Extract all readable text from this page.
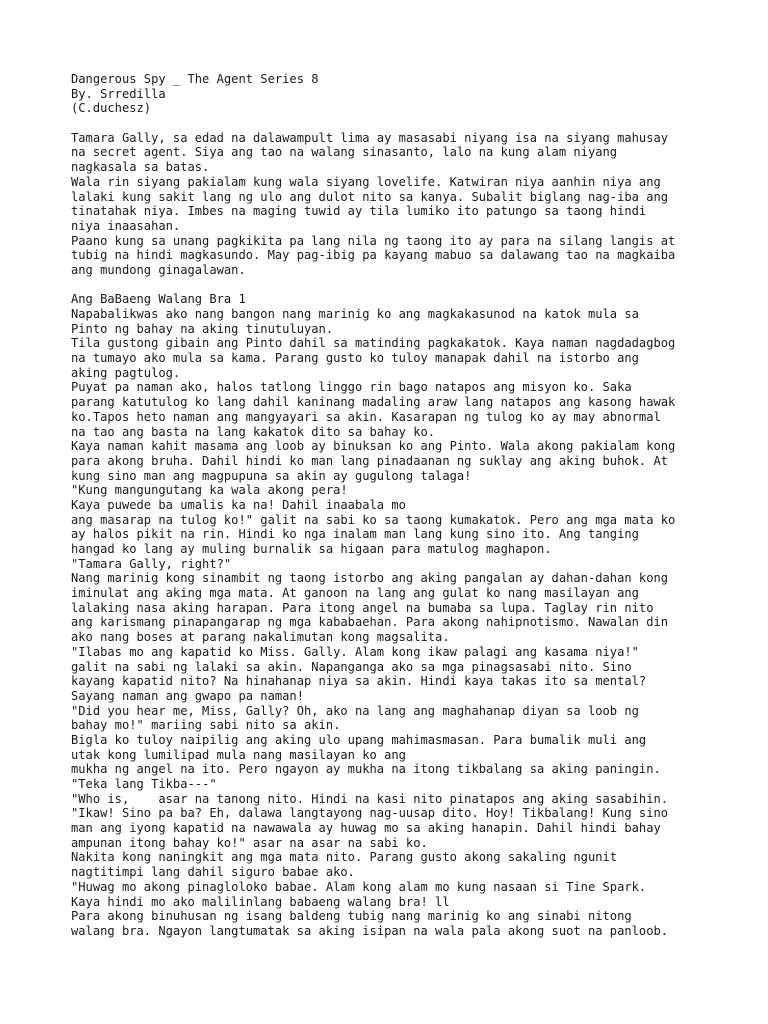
Dangerous Spy _ The Agent Series 8
By. Srredilla
(C.duchesz)
Tamara Gally, sa edad na dalawampult lima ay masasabi niyang isa na siyang mahusay
na secret agent. Siya ang tao na walang sinasanto, lalo na kung alam niyang
nagkasala sa batas.
Wala rin siyang pakialam kung wala siyang lovelife. Katwiran niya aanhin niya ang
lalaki kung sakit lang ng ulo ang dulot nito sa kanya. Subalit biglang nag-iba ang
tinatahak niya. Imbes na maging tuwid ay tila lumiko ito patungo sa taong hindi
niya inaasahan.
Paano kung sa unang pagkikita pa lang nila ng taong ito ay para na silang langis at
tubig na hindi magkasundo. May pag-ibig pa kayang mabuo sa dalawang tao na magkaiba
ang mundong ginagalawan.
Ang BaBaeng Walang Bra 1
Napabalikwas ako nang bangon nang marinig ko ang magkakasunod na katok mula sa
Pinto ng bahay na aking tinutuluyan.
Tila gustong gibain ang Pinto dahil sa matinding pagkakatok. Kaya naman nagdadagbog
na tumayo ako mula sa kama. Parang gusto ko tuloy manapak dahil na istorbo ang
aking pagtulog.
Puyat pa naman ako, halos tatlong linggo rin bago natapos ang misyon ko. Saka
parang katutulog ko lang dahil kaninang madaling araw lang natapos ang kasong hawak
ko.Tapos heto naman ang mangyayari sa akin. Kasarapan ng tulog ko ay may abnormal
na tao ang basta na lang kakatok dito sa bahay ko.
Kaya naman kahit masama ang loob ay binuksan ko ang Pinto. Wala akong pakialam kong
para akong bruha. Dahil hindi ko man lang pinadaanan ng suklay ang aking buhok. At
kung sino man ang magpupuna sa akin ay gugulong talaga!
"Kung mangungutang ka wala akong pera!
Kaya puwede ba umalis ka na! Dahil inaabala mo
ang masarap na tulog ko!" galit na sabi ko sa taong kumakatok. Pero ang mga mata ko
ay halos pikit na rin. Hindi ko nga inalam man lang kung sino ito. Ang tanging
hangad ko lang ay muling burnalik sa higaan para matulog maghapon.
"Tamara Gally, right?"
Nang marinig kong sinambit ng taong istorbo ang aking pangalan ay dahan-dahan kong
iminulat ang aking mga mata. At ganoon na lang ang gulat ko nang masilayan ang
lalaking nasa aking harapan. Para itong angel na bumaba sa lupa. Taglay rin nito
ang karismang pinapangarap ng mga kababaehan. Para akong nahipnotismo. Nawalan din
ako nang boses at parang nakalimutan kong magsalita.
"Ilabas mo ang kapatid ko Miss. Gally. Alam kong ikaw palagi ang kasama niya!"
galit na sabi ng lalaki sa akin. Napanganga ako sa mga pinagsasabi nito. Sino
kayang kapatid nito? Na hinahanap niya sa akin. Hindi kaya takas ito sa mental?
Sayang naman ang gwapo pa naman!
"Did you hear me, Miss, Gally? Oh, ako na lang ang maghahanap diyan sa loob ng
bahay mo!" mariing sabi nito sa akin.
Bigla ko tuloy naipilig ang aking ulo upang mahimasmasan. Para bumalik muli ang
utak kong lumilipad mula nang masilayan ko ang
mukha ng angel na ito. Pero ngayon ay mukha na itong tikbalang sa aking paningin.
"Teka lang Tikba---"
"Who is,    asar na tanong nito. Hindi na kasi nito pinatapos ang aking sasabihin.
"Ikaw! Sino pa ba? Eh, dalawa langtayong nag-uusap dito. Hoy! Tikbalang! Kung sino
man ang iyong kapatid na nawawala ay huwag mo sa aking hanapin. Dahil hindi bahay
ampunan itong bahay ko!" asar na asar na sabi ko.
Nakita kong naningkit ang mga mata nito. Parang gusto akong sakaling ngunit
nagtitimpi lang dahil siguro babae ako.
"Huwag mo akong pinagloloko babae. Alam kong alam mo kung nasaan si Tine Spark.
Kaya hindi mo ako malilinlang babaeng walang bra! ll
Para akong binuhusan ng isang baldeng tubig nang marinig ko ang sinabi nitong
walang bra. Ngayon langtumatak sa aking isipan na wala pala akong suot na panloob.
